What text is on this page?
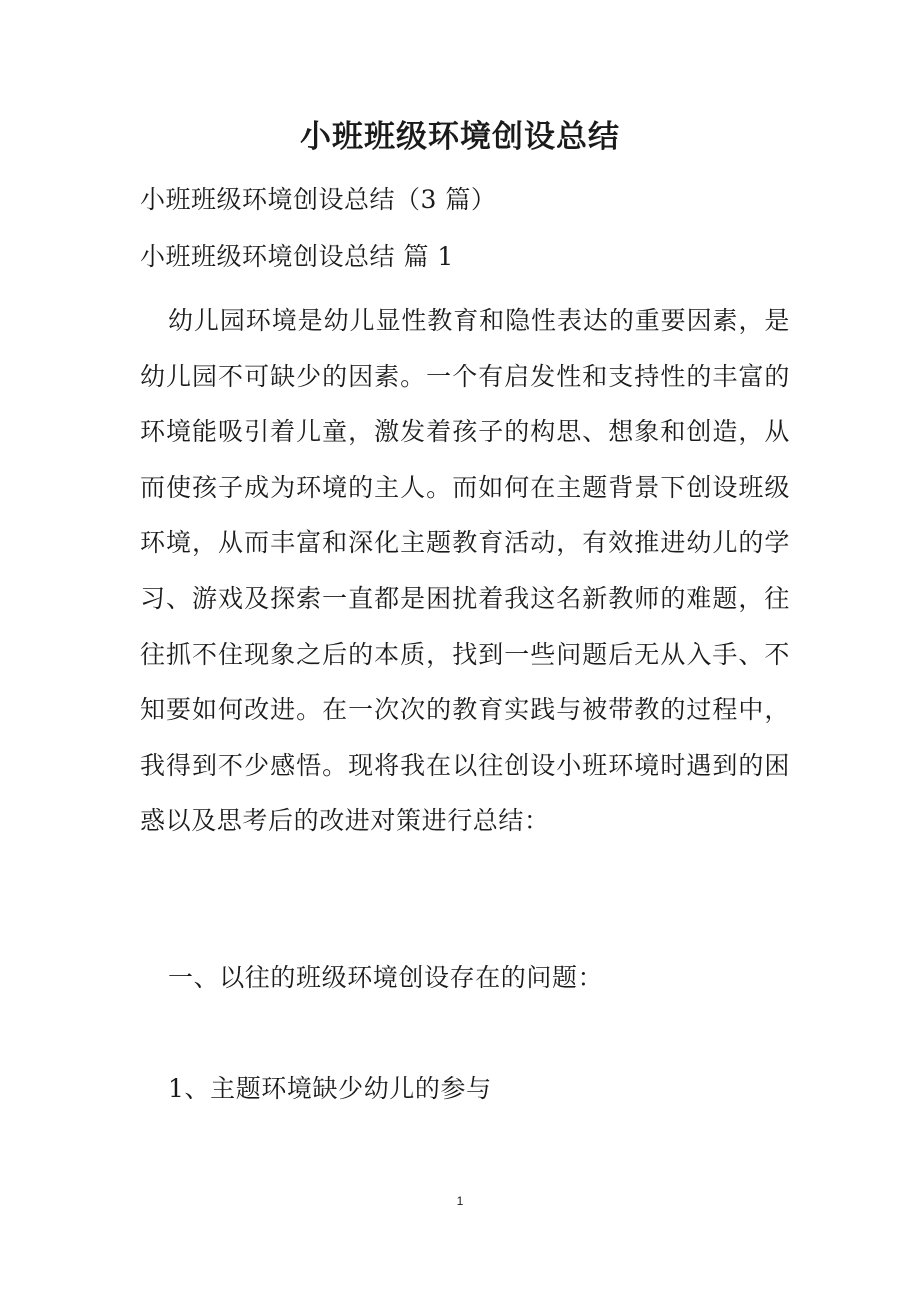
小班班级环境创设总结
小班班级环境创设总结（3 篇）
小班班级环境创设总结 篇 1
幼儿园环境是幼儿显性教育和隐性表达的重要因素，是幼儿园不可缺少的因素。一个有启发性和支持性的丰富的环境能吸引着儿童，激发着孩子的构思、想象和创造，从而使孩子成为环境的主人。而如何在主题背景下创设班级环境，从而丰富和深化主题教育活动，有效推进幼儿的学习、游戏及探索一直都是困扰着我这名新教师的难题，往往抓不住现象之后的本质，找到一些问题后无从入手、不知要如何改进。在一次次的教育实践与被带教的过程中，我得到不少感悟。现将我在以往创设小班环境时遇到的困惑以及思考后的改进对策进行总结：
一、以往的班级环境创设存在的问题：
1、主题环境缺少幼儿的参与
1
